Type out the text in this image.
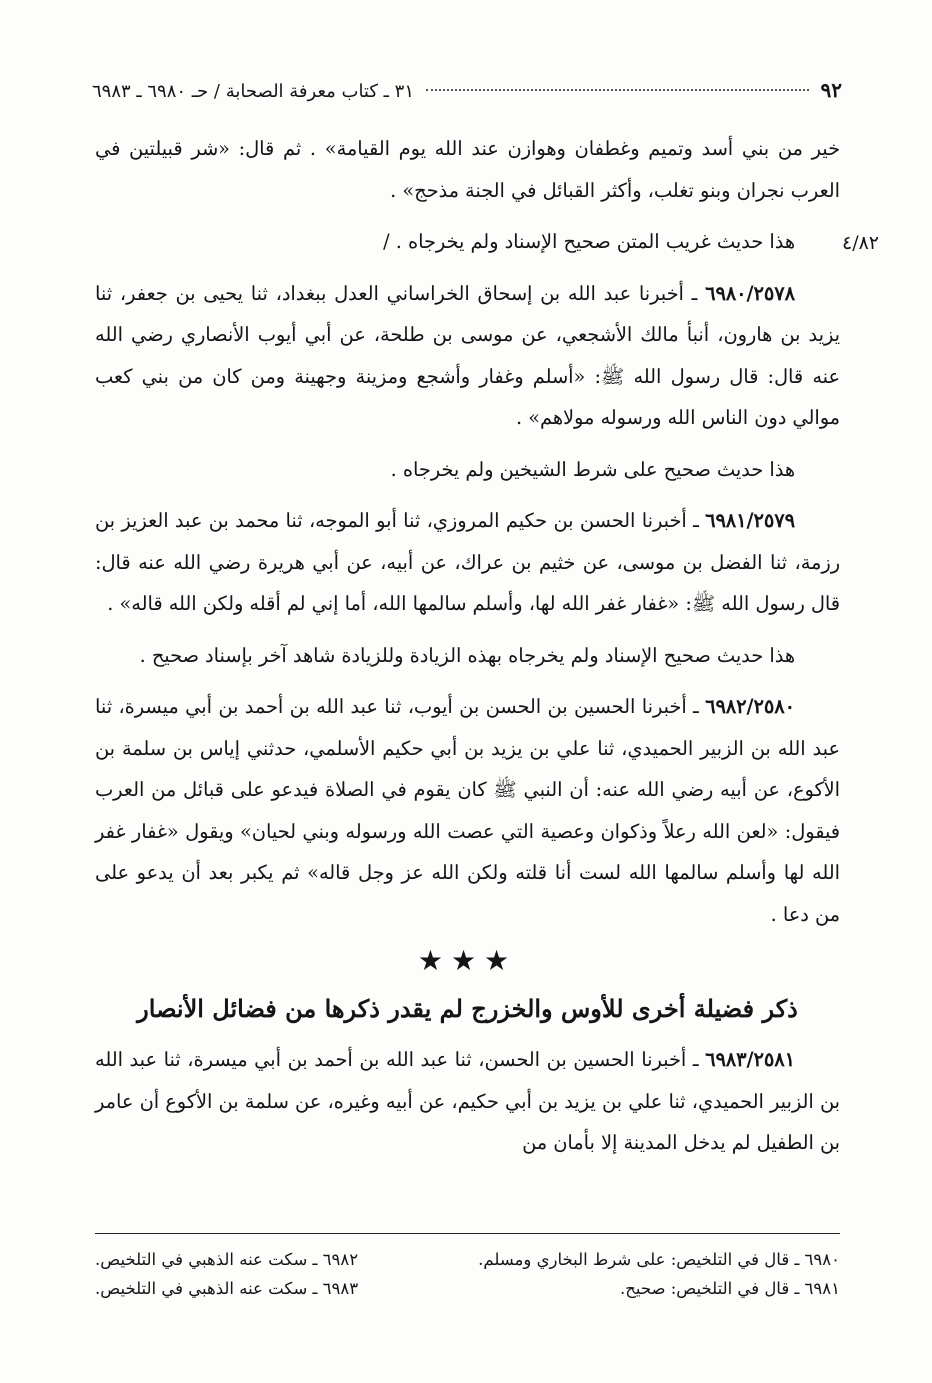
٩٢
٣١ ـ كتاب معرفة الصحابة / حـ ٦٩٨٠ ـ ٦٩٨٣
٤/٨٢

خير من بني أسد وتميم وغطفان وهوازن عند الله يوم القيامة» . ثم قال: «شر قبيلتين في العرب نجران وبنو تغلب، وأكثر القبائل في الجنة مذحج» .

هذا حديث غريب المتن صحيح الإسناد ولم يخرجاه . /

٦٩٨٠/٢٥٧٨ ـ أخبرنا عبد الله بن إسحاق الخراساني العدل ببغداد، ثنا يحيى بن جعفر، ثنا يزيد بن هارون، أنبأ مالك الأشجعي، عن موسى بن طلحة، عن أبي أيوب الأنصاري رضي الله عنه قال: قال رسول الله ﷺ: «أسلم وغفار وأشجع ومزينة وجهينة ومن كان من بني كعب موالي دون الناس الله ورسوله مولاهم» .

هذا حديث صحيح على شرط الشيخين ولم يخرجاه .

٦٩٨١/٢٥٧٩ ـ أخبرنا الحسن بن حكيم المروزي، ثنا أبو الموجه، ثنا محمد بن عبد العزيز بن رزمة، ثنا الفضل بن موسى، عن خثيم بن عراك، عن أبيه، عن أبي هريرة رضي الله عنه قال: قال رسول الله ﷺ: «غفار غفر الله لها، وأسلم سالمها الله، أما إني لم أقله ولكن الله قاله» .

هذا حديث صحيح الإسناد ولم يخرجاه بهذه الزيادة وللزيادة شاهد آخر بإسناد صحيح .

٦٩٨٢/٢٥٨٠ ـ أخبرنا الحسين بن الحسن بن أيوب، ثنا عبد الله بن أحمد بن أبي ميسرة، ثنا عبد الله بن الزبير الحميدي، ثنا علي بن يزيد بن أبي حكيم الأسلمي، حدثني إياس بن سلمة بن الأكوع، عن أبيه رضي الله عنه: أن النبي ﷺ كان يقوم في الصلاة فيدعو على قبائل من العرب فيقول: «لعن الله رعلاً وذكوان وعصية التي عصت الله ورسوله وبني لحيان» ويقول «غفار غفر الله لها وأسلم سالمها الله لست أنا قلته ولكن الله عز وجل قاله» ثم يكبر بعد أن يدعو على من دعا .

★★★

ذكر فضيلة أخرى للأوس والخزرج لم يقدر ذكرها من فضائل الأنصار

٦٩٨٣/٢٥٨١ ـ أخبرنا الحسين بن الحسن، ثنا عبد الله بن أحمد بن أبي ميسرة، ثنا عبد الله بن الزبير الحميدي، ثنا علي بن يزيد بن أبي حكيم، عن أبيه وغيره، عن سلمة بن الأكوع أن عامر بن الطفيل لم يدخل المدينة إلا بأمان من

٦٩٨٠ ـ قال في التلخيص: على شرط البخاري ومسلم.
٦٩٨٢ ـ سكت عنه الذهبي في التلخيص.
٦٩٨١ ـ قال في التلخيص: صحيح.
٦٩٨٣ ـ سكت عنه الذهبي في التلخيص.
